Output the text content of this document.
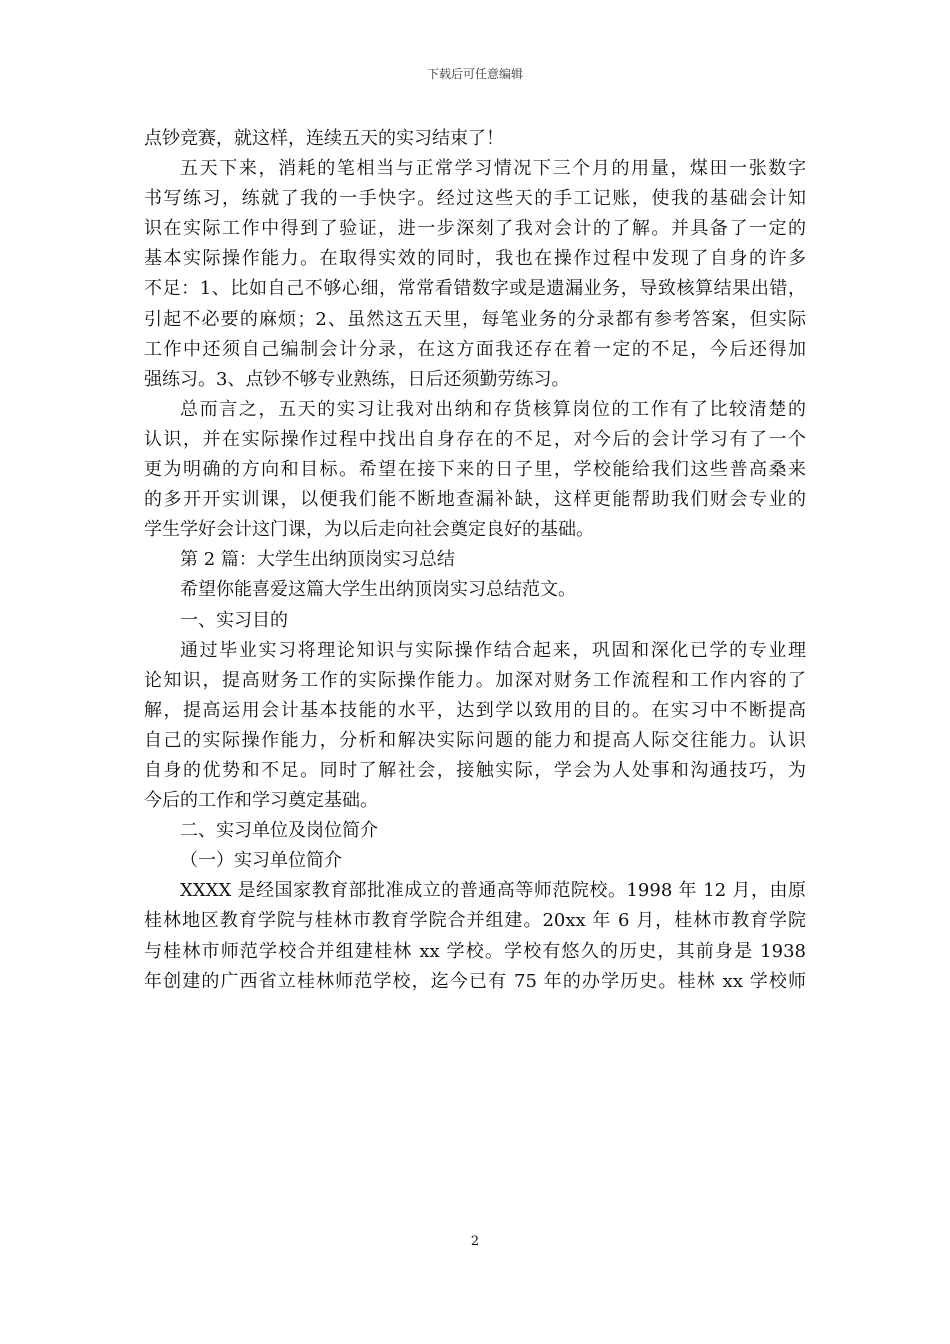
下载后可任意编辑
点钞竞赛，就这样，连续五天的实习结束了！
五天下来，消耗的笔相当与正常学习情况下三个月的用量，煤田一张数字
书写练习，练就了我的一手快字。经过这些天的手工记账，使我的基础会计知
识在实际工作中得到了验证，进一步深刻了我对会计的了解。并具备了一定的
基本实际操作能力。在取得实效的同时，我也在操作过程中发现了自身的许多
不足：1、比如自己不够心细，常常看错数字或是遗漏业务，导致核算结果出错，
引起不必要的麻烦；2、虽然这五天里，每笔业务的分录都有参考答案，但实际
工作中还须自己编制会计分录，在这方面我还存在着一定的不足，今后还得加
强练习。3、点钞不够专业熟练，日后还须勤劳练习。
总而言之，五天的实习让我对出纳和存货核算岗位的工作有了比较清楚的
认识，并在实际操作过程中找出自身存在的不足，对今后的会计学习有了一个
更为明确的方向和目标。希望在接下来的日子里，学校能给我们这些普高桑来
的多开开实训课，以便我们能不断地查漏补缺，这样更能帮助我们财会专业的
学生学好会计这门课，为以后走向社会奠定良好的基础。
第 2 篇：大学生出纳顶岗实习总结
希望你能喜爱这篇大学生出纳顶岗实习总结范文。
一、实习目的
通过毕业实习将理论知识与实际操作结合起来，巩固和深化已学的专业理
论知识，提高财务工作的实际操作能力。加深对财务工作流程和工作内容的了
解，提高运用会计基本技能的水平，达到学以致用的目的。在实习中不断提高
自己的实际操作能力，分析和解决实际问题的能力和提高人际交往能力。认识
自身的优势和不足。同时了解社会，接触实际，学会为人处事和沟通技巧，为
今后的工作和学习奠定基础。
二、实习单位及岗位简介
（一）实习单位简介
XXXX 是经国家教育部批准成立的普通高等师范院校。1998 年 12 月，由原
桂林地区教育学院与桂林市教育学院合并组建。20xx 年 6 月，桂林市教育学院
与桂林市师范学校合并组建桂林 xx 学校。学校有悠久的历史，其前身是 1938
年创建的广西省立桂林师范学校，迄今已有 75 年的办学历史。桂林 xx 学校师
2
